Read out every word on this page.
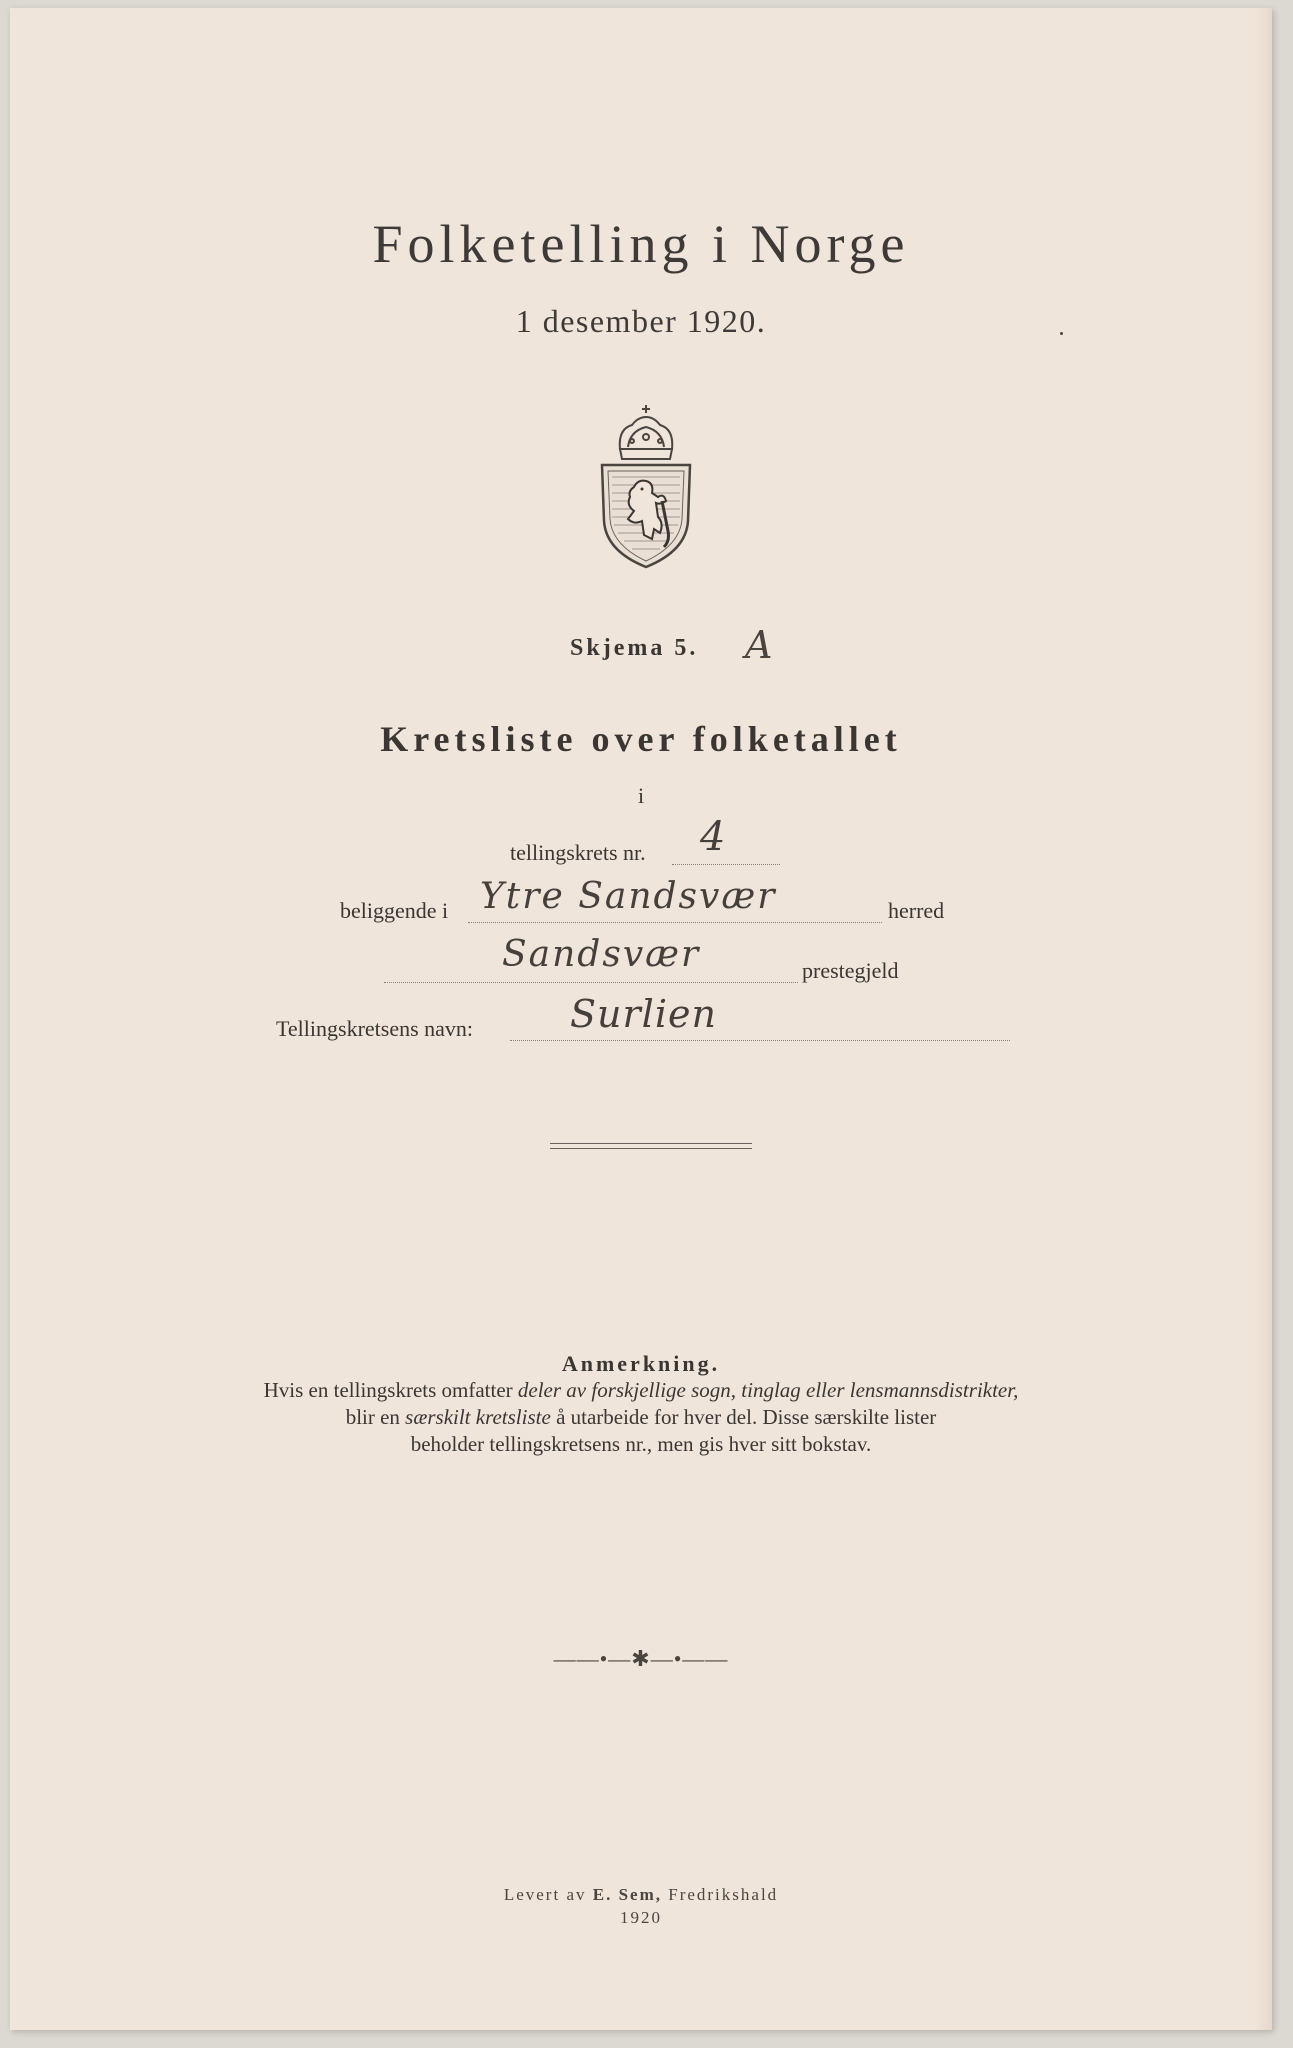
Folketelling i Norge
1 desember 1920.
Skjema 5. A
Kretsliste over folketallet
i
tellingskrets nr. 4
beliggende i Ytre Sandsvær	herred
Sandsvær	prestegjeld
Tellingskretsens navn:	Surlien
Anmerkning.
Hvis en tellingskrets omfatter deler av forskjellige sogn, tinglag eller lensmannsdistrikter,
blir en særskilt kretsliste å utarbeide for hver del. Disse særskilte lister
beholder tellingskretsens nr., men gis hver sitt bokstav.
——•—✱—•——
Levert av E. Sem, Fredrikshald
1920
